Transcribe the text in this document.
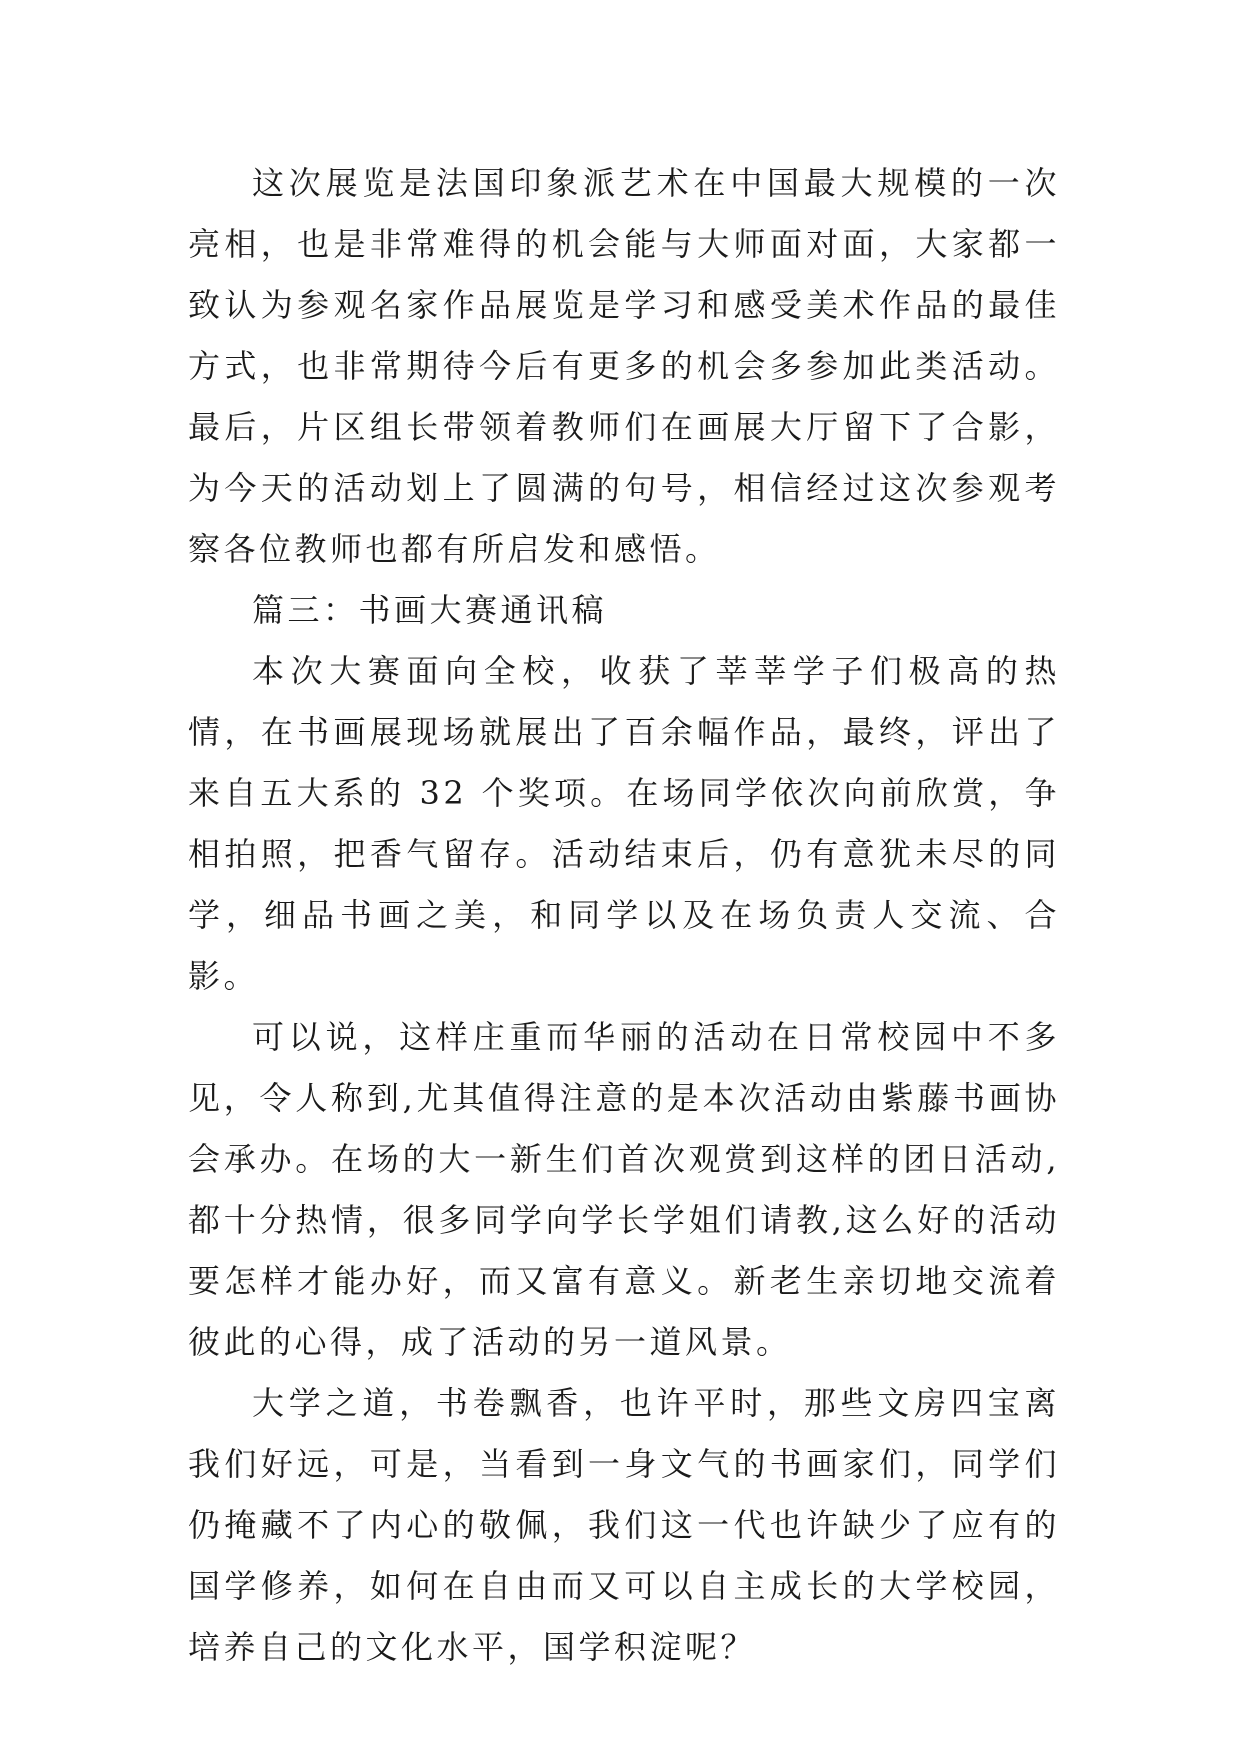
这次展览是法国印象派艺术在中国最大规模的一次亮相，也是非常难得的机会能与大师面对面，大家都一致认为参观名家作品展览是学习和感受美术作品的最佳方式，也非常期待今后有更多的机会多参加此类活动。最后，片区组长带领着教师们在画展大厅留下了合影，为今天的活动划上了圆满的句号，相信经过这次参观考察各位教师也都有所启发和感悟。

篇三：书画大赛通讯稿

本次大赛面向全校，收获了莘莘学子们极高的热情，在书画展现场就展出了百余幅作品，最终，评出了来自五大系的 32 个奖项。在场同学依次向前欣赏，争相拍照，把香气留存。活动结束后，仍有意犹未尽的同学，细品书画之美，和同学以及在场负责人交流、合影。

可以说，这样庄重而华丽的活动在日常校园中不多见，令人称到,尤其值得注意的是本次活动由紫藤书画协会承办。在场的大一新生们首次观赏到这样的团日活动,都十分热情，很多同学向学长学姐们请教,这么好的活动要怎样才能办好，而又富有意义。新老生亲切地交流着彼此的心得，成了活动的另一道风景。

大学之道，书卷飘香，也许平时，那些文房四宝离我们好远，可是，当看到一身文气的书画家们，同学们仍掩藏不了内心的敬佩，我们这一代也许缺少了应有的国学修养，如何在自由而又可以自主成长的大学校园，培养自己的文化水平，国学积淀呢？
